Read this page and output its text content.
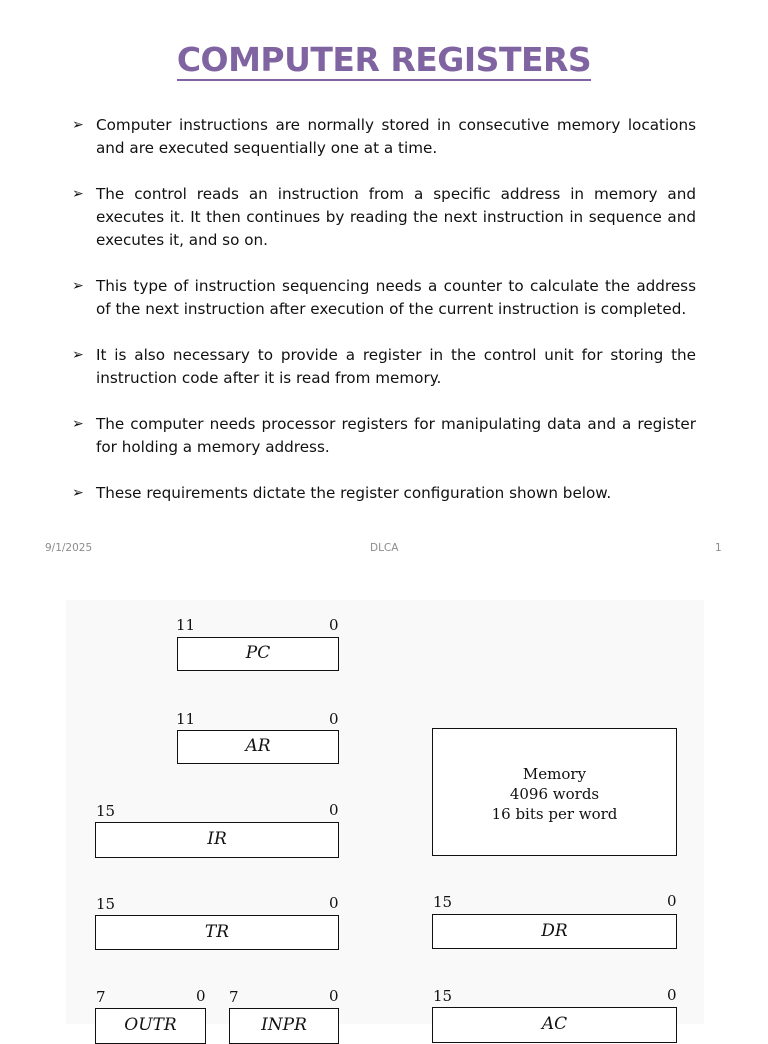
COMPUTER REGISTERS
➢ Computer instructions are normally stored in consecutive memory locations and are executed sequentially one at a time.
➢ The control reads an instruction from a specific address in memory and executes it. It then continues by reading the next instruction in sequence and executes it, and so on.
➢ This type of instruction sequencing needs a counter to calculate the address of the next instruction after execution of the current instruction is completed.
➢ It is also necessary to provide a register in the control unit for storing the instruction code after it is read from memory.
➢ The computer needs processor registers for manipulating data and a register for holding a memory address.
➢ These requirements dictate the register configuration shown below.
9/1/2025	DLCA	1
11	0
PC
11	0
AR
15	0
IR
Memory
4096 words
16 bits per word
15	0
TR
15	0
DR
7	0
OUTR
7	0
INPR
15	0
AC
